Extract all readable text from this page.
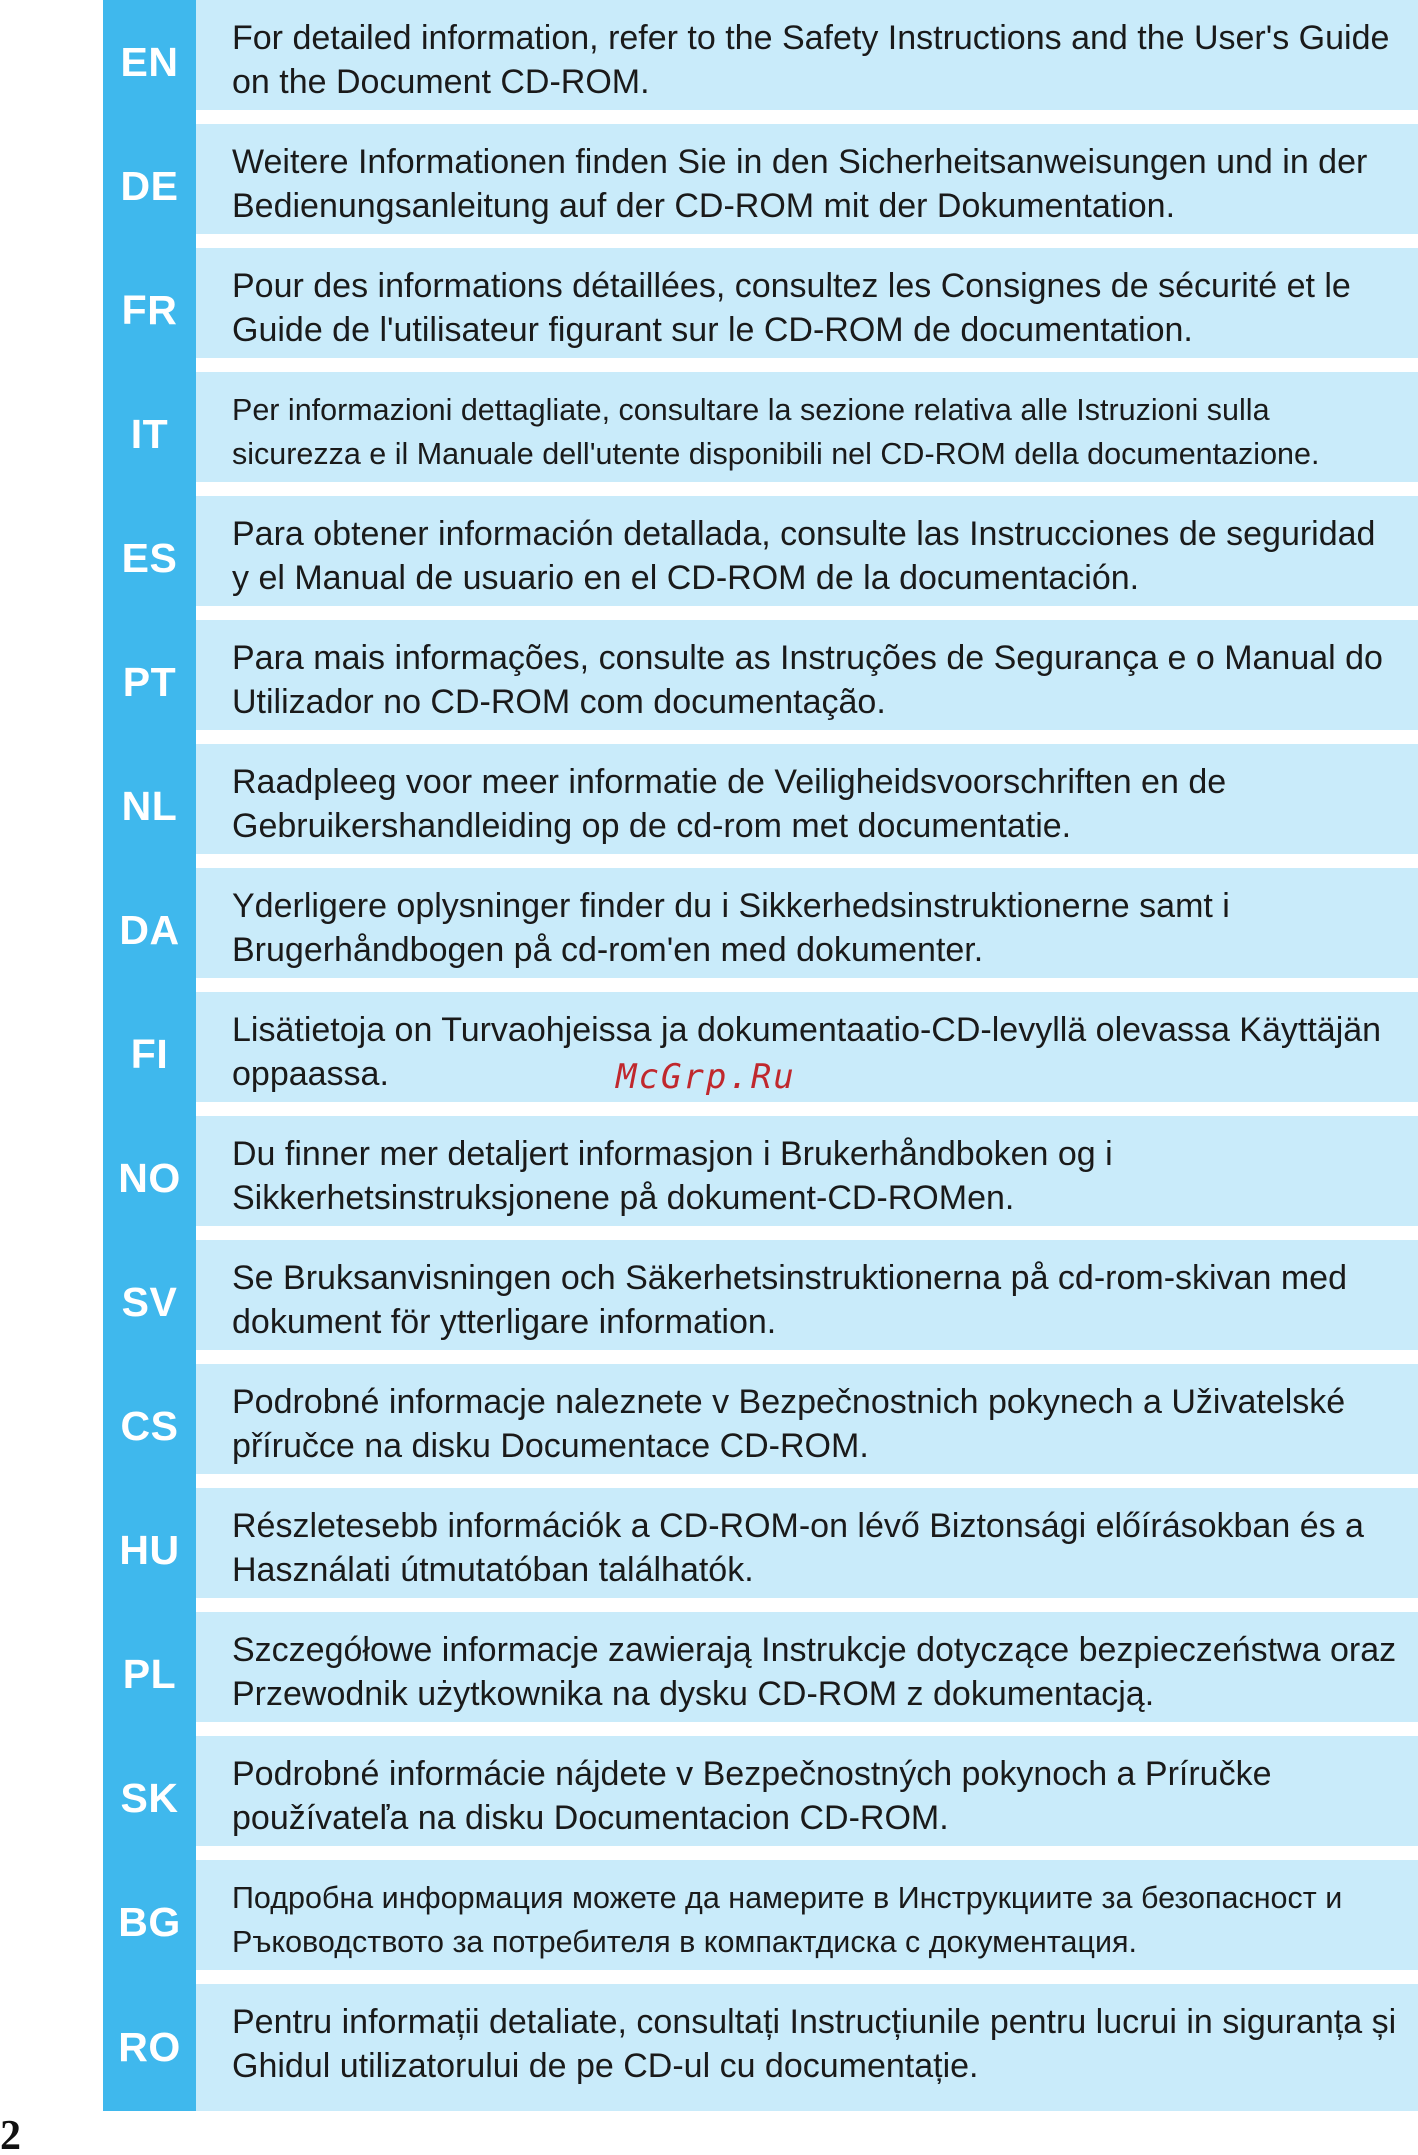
EN
For detailed information, refer to the Safety Instructions and the User's Guide on the Document CD-ROM.
DE
Weitere Informationen finden Sie in den Sicherheitsanweisungen und in der Bedienungsanleitung auf der CD-ROM mit der Dokumentation.
FR
Pour des informations détaillées, consultez les Consignes de sécurité et le Guide de l'utilisateur figurant sur le CD-ROM de documentation.
IT
Per informazioni dettagliate, consultare la sezione relativa alle Istruzioni sulla sicurezza e il Manuale dell'utente disponibili nel CD-ROM della documentazione.
ES
Para obtener información detallada, consulte las Instrucciones de seguridad y el Manual de usuario en el CD-ROM de la documentación.
PT
Para mais informações, consulte as Instruções de Segurança e o Manual do Utilizador no CD-ROM com documentação.
NL
Raadpleeg voor meer informatie de Veiligheidsvoorschriften en de Gebruikershandleiding op de cd-rom met documentatie.
DA
Yderligere oplysninger finder du i Sikkerhedsinstruktionerne samt i Brugerhåndbogen på cd-rom'en med dokumenter.
FI
Lisätietoja on Turvaohjeissa ja dokumentaatio-CD-levyllä olevassa Käyttäjän oppaassa.
NO
Du finner mer detaljert informasjon i Brukerhåndboken og i Sikkerhetsinstruksjonene på dokument-CD-ROMen.
SV
Se Bruksanvisningen och Säkerhetsinstruktionerna på cd-rom-skivan med dokument för ytterligare information.
CS
Podrobné informacje naleznete v Bezpečnostnich pokynech a Uživatelské příručce na disku Documentace CD-ROM.
HU
Részletesebb információk a CD-ROM-on lévő Biztonsági előírásokban és a Használati útmutatóban találhatók.
PL
Szczegółowe informacje zawierają Instrukcje dotyczące bezpieczeństwa oraz Przewodnik użytkownika na dysku CD-ROM z dokumentacją.
SK
Podrobné informácie nájdete v Bezpečnostných pokynoch a Príručke používateľa na disku Documentacion CD-ROM.
BG
Подробна информация можете да намерите в Инструкциите за безопасност и Ръководството за потребителя в компактдиска с документация.
RO
Pentru informații detaliate, consultați Instrucțiunile pentru lucrui in siguranța și Ghidul utilizatorului de pe CD-ul cu documentație.
McGrp.Ru
2
